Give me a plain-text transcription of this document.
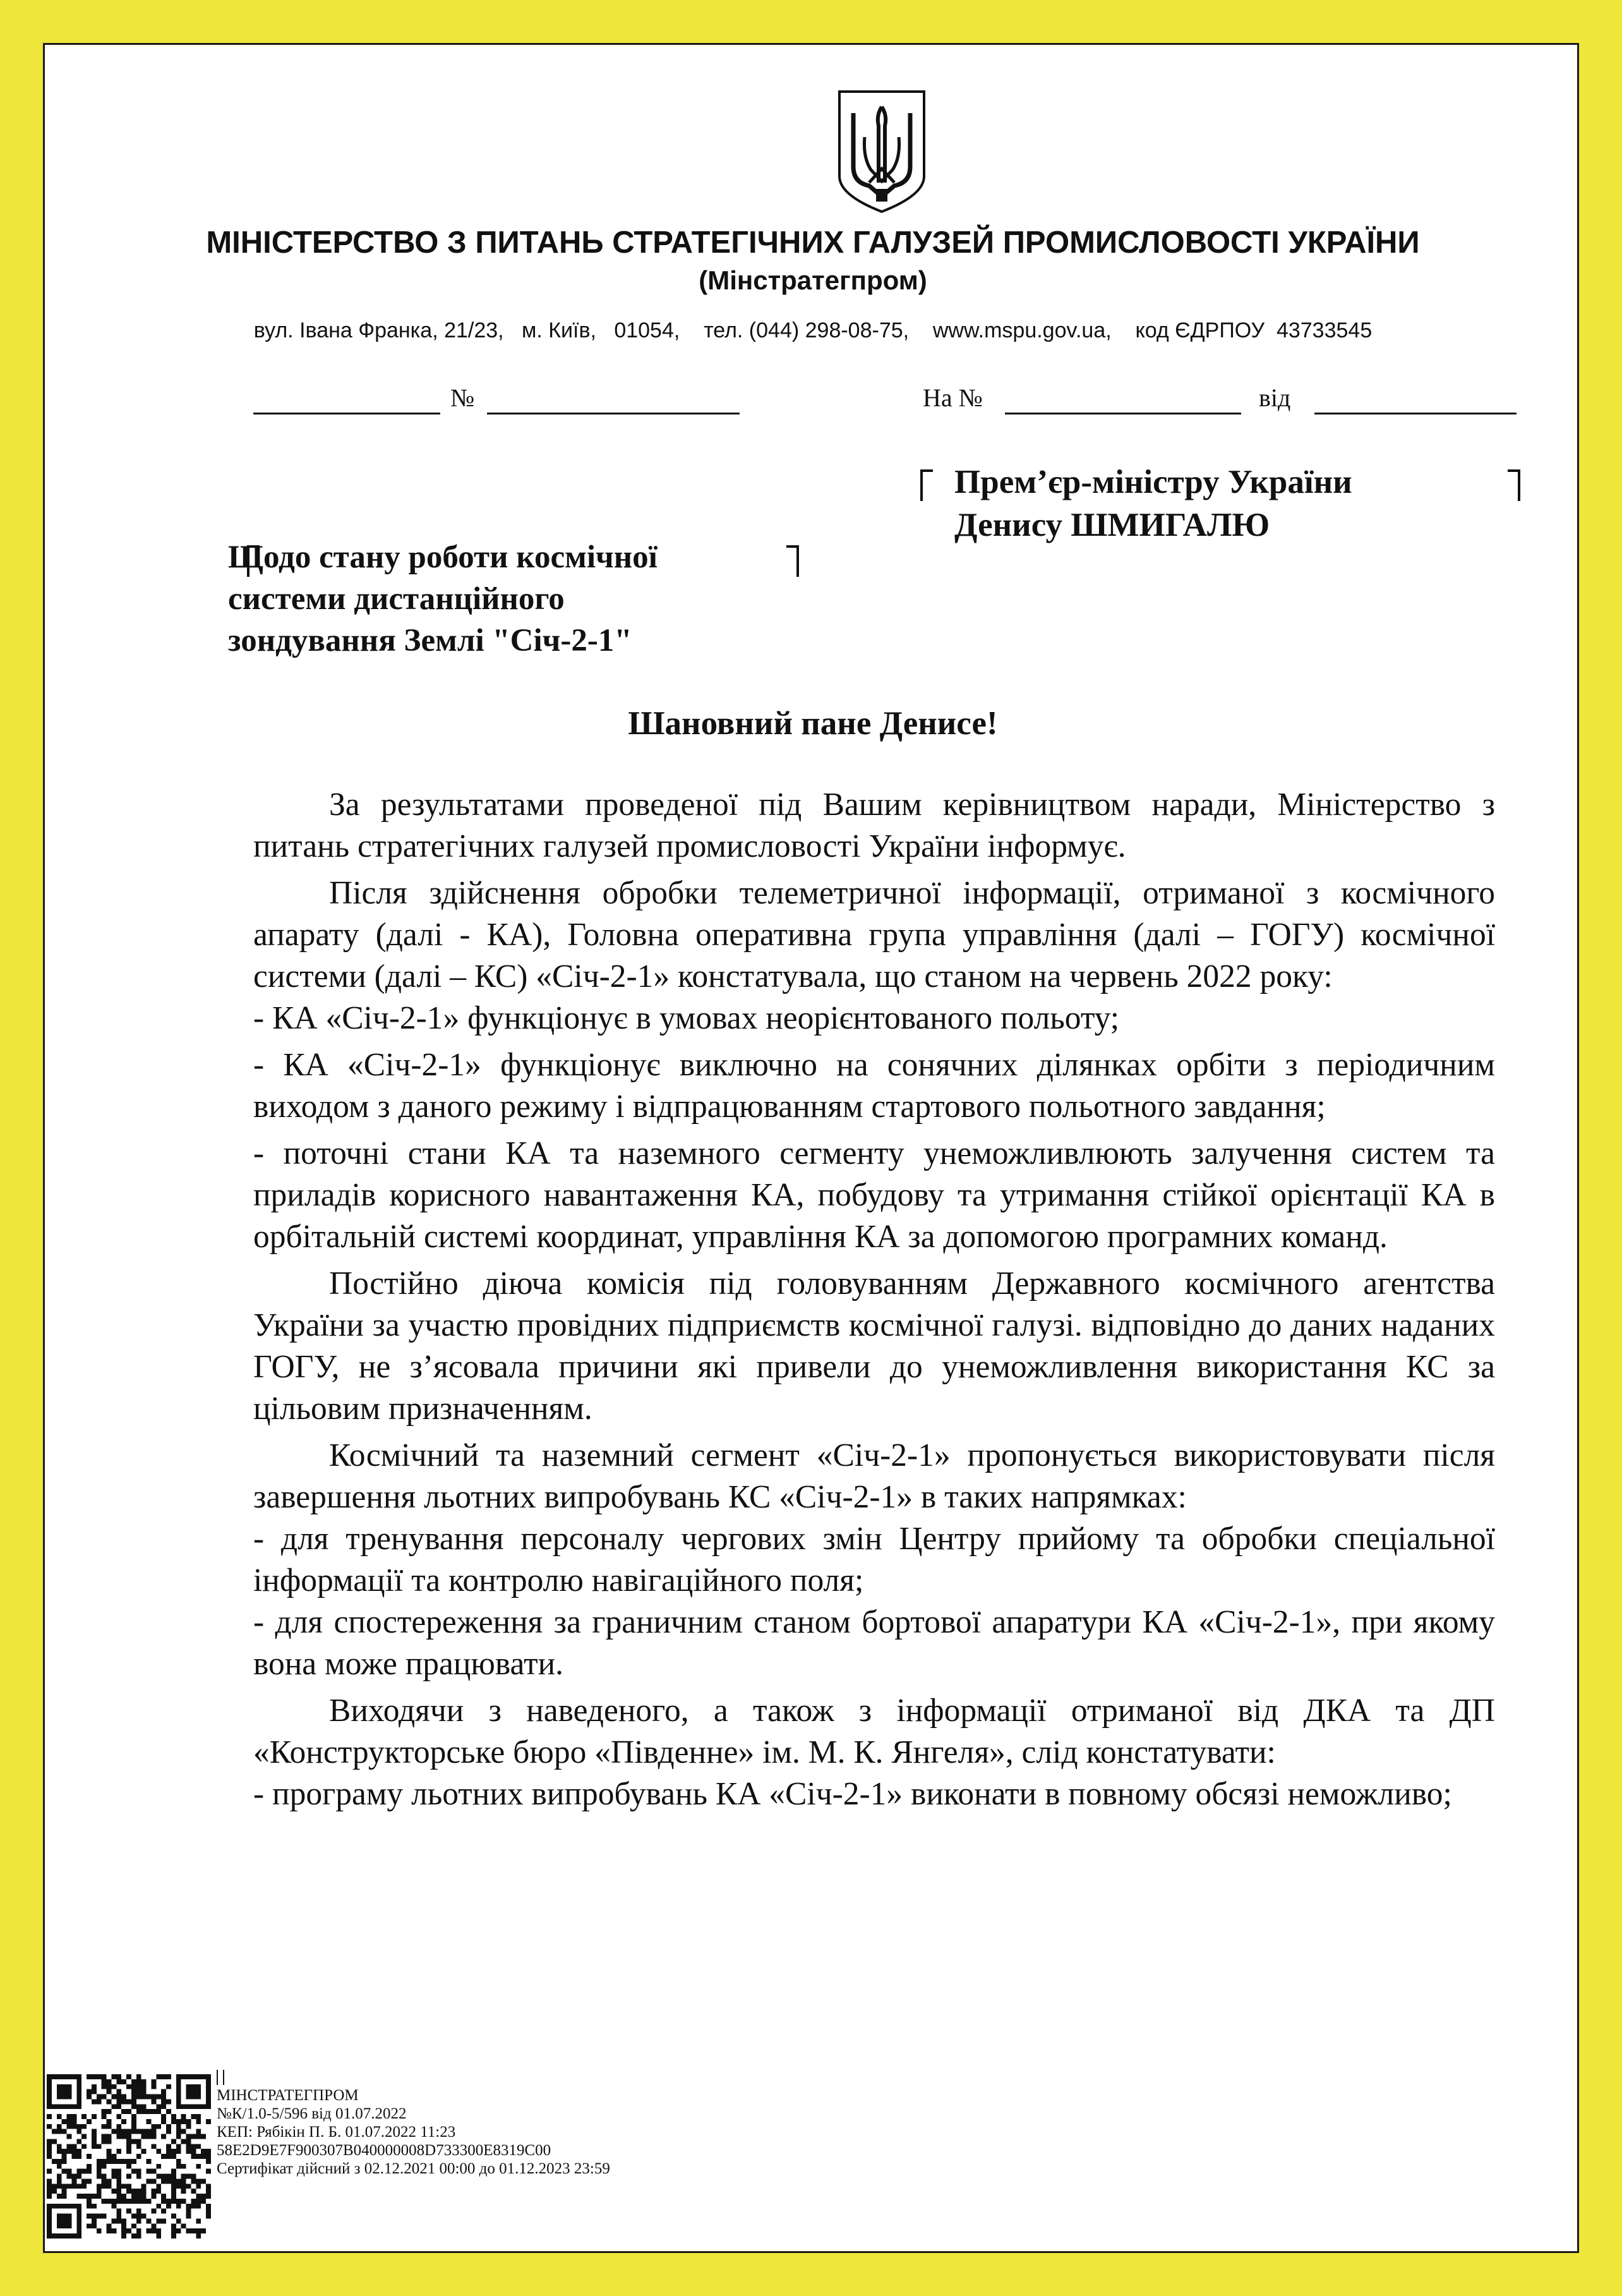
МІНІСТЕРСТВО З ПИТАНЬ СТРАТЕГІЧНИХ ГАЛУЗЕЙ ПРОМИСЛОВОСТІ УКРАЇНИ
(Мінстратегпром)
вул. Івана Франка, 21/23,   м. Київ,   01054,    тел. (044) 298-08-75,    www.mspu.gov.ua,    код ЄДРПОУ  43733545
№	На №	від
Прем’єр-міністру України
Денису ШМИГАЛЮ
Щодо стану роботи космічної
системи дистанційного
зондування Землі "Січ-2-1"
Шановний пане Денисе!

За результатами проведеної під Вашим керівництвом наради, Міністерство з питань стратегічних галузей промисловості України інформує.

Після здійснення обробки телеметричної інформації, отриманої з космічного апарату (далі - КА), Головна оперативна група управління (далі – ГОГУ) космічної системи (далі – КС) «Січ-2-1» констатувала, що станом на червень 2022 року:

- КА «Січ-2-1» функціонує в умовах неорієнтованого польоту;

- КА «Січ-2-1» функціонує виключно на сонячних ділянках орбіти з періодичним виходом з даного режиму і відпрацюванням стартового польотного завдання;

- поточні стани КА та наземного сегменту унеможливлюють залучення систем та приладів корисного навантаження КА, побудову та утримання стійкої орієнтації КА в орбітальній системі координат, управління КА за допомогою програмних команд.

Постійно діюча комісія під головуванням Державного космічного агентства України за участю провідних підприємств космічної галузі. відповідно до даних наданих ГОГУ, не з’ясовала причини які привели до унеможливлення використання КС за цільовим призначенням.

Космічний та наземний сегмент «Січ-2-1» пропонується використовувати після завершення льотних випробувань КС «Січ-2-1» в таких напрямках:

- для тренування персоналу чергових змін Центру прийому та обробки спеціальної інформації та контролю навігаційного поля;

- для спостереження за граничним станом бортової апаратури КА «Січ-2-1», при якому вона може працювати.

Виходячи з наведеного, а також з інформації отриманої від ДКА та ДП «Конструкторське бюро «Південне» ім. М. К. Янгеля», слід констатувати:

- програму льотних випробувань КА «Січ-2-1» виконати в повному обсязі неможливо;

МІНСТРАТЕГПРОМ
№К/1.0-5/596 від 01.07.2022
КЕП: Рябікін П. Б. 01.07.2022 11:23
58E2D9E7F900307B040000008D733300E8319C00
Сертифікат дійсний з 02.12.2021 00:00 до 01.12.2023 23:59
